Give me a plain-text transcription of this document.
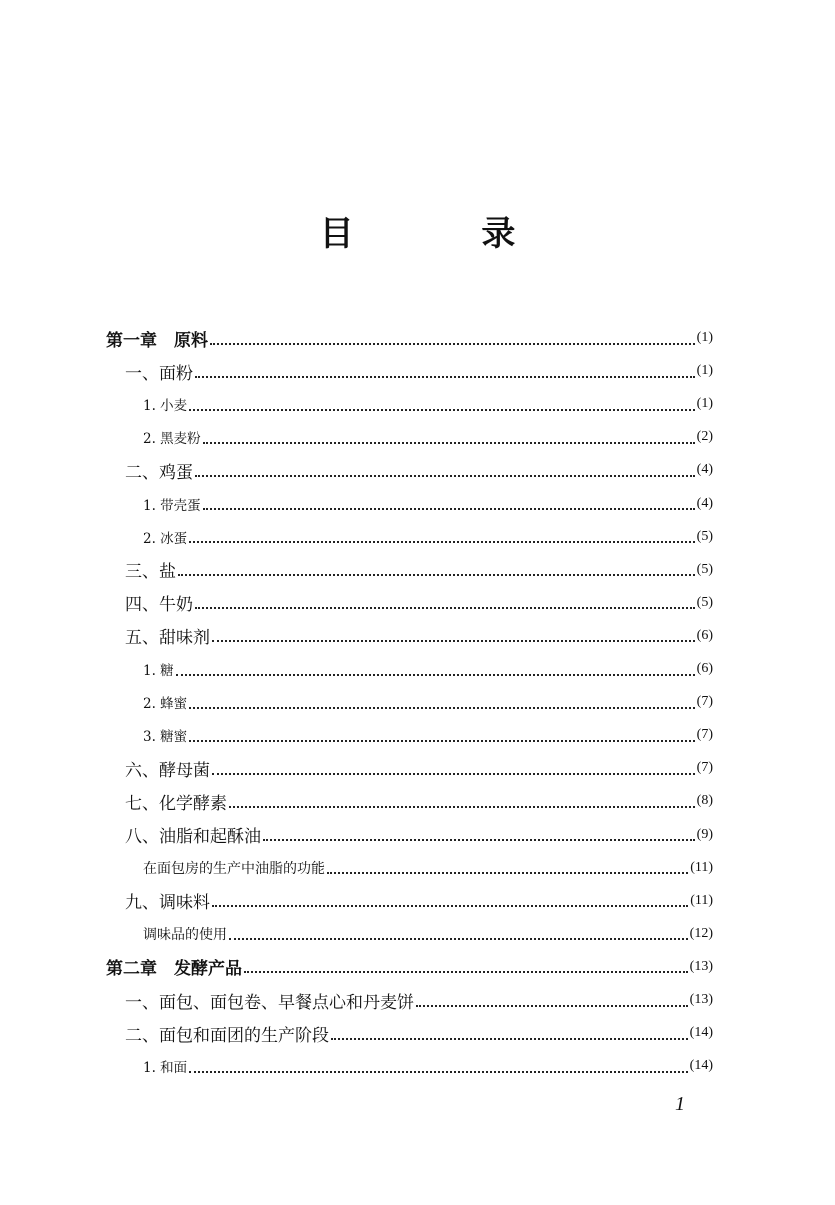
目 录
第一章　原料	(1)
一、面粉	(1)
1. 小麦	(1)
2. 黑麦粉	(2)
二、鸡蛋	(4)
1. 带壳蛋	(4)
2. 冰蛋	(5)
三、盐	(5)
四、牛奶	(5)
五、甜味剂	(6)
1. 糖	(6)
2. 蜂蜜	(7)
3. 糖蜜	(7)
六、酵母菌	(7)
七、化学酵素	(8)
八、油脂和起酥油	(9)
在面包房的生产中油脂的功能	(11)
九、调味料	(11)
调味品的使用	(12)
第二章　发酵产品	(13)
一、面包、面包卷、早餐点心和丹麦饼	(13)
二、面包和面团的生产阶段	(14)
1. 和面	(14)
1
